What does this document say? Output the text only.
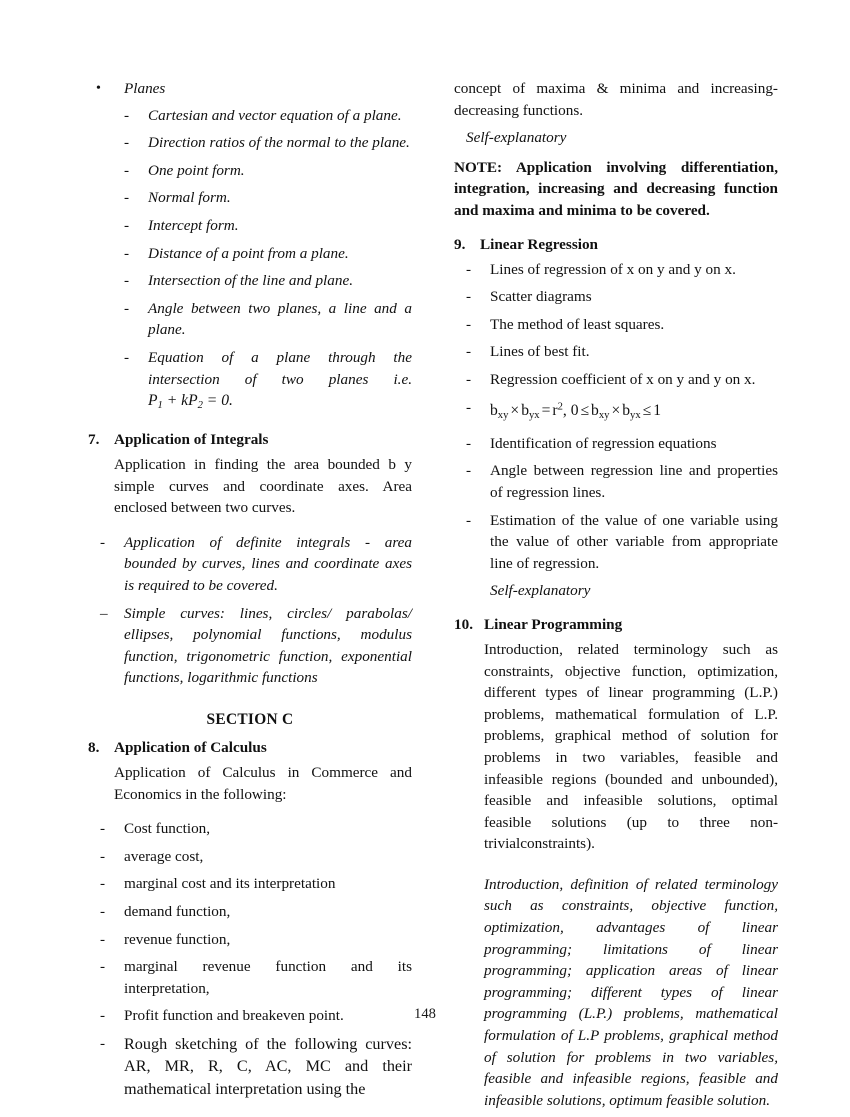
•	Planes
-	Cartesian and vector equation of a plane.
-	Direction ratios of the normal to the plane.
-	One point form.
-	Normal form.
-	Intercept form.
-	Distance of a point from a plane.
-	Intersection of the line and plane.
-	Angle between two planes, a line and a plane.
-	Equation of a plane through the intersection of two planes i.e. $P_1 + kP_2 = 0$.
7. Application of Integrals

Application in finding the area bounded b y simple curves and coordinate axes. Area enclosed between two curves.

-	Application of definite integrals - area bounded by curves, lines and coordinate axes is required to be covered.
–	Simple curves: lines, circles/ parabolas/ ellipses, polynomial functions, modulus function, trigonometric function, exponential functions, logarithmic functions
SECTION C
8. Application of Calculus

Application of Calculus in Commerce and Economics in the following:

-	Cost function,
-	average cost,
-	marginal cost and its interpretation
-	demand function,
-	revenue function,
-	marginal revenue function and its interpretation,
-	Profit function and breakeven point.
-	Rough sketching of the following curves: AR, MR, R, C, AC, MC and their mathematical interpretation using the

concept of maxima & minima and increasing- decreasing functions.

Self-explanatory

NOTE: Application involving differentiation, integration, increasing and decreasing function and maxima and minima to be covered.

9. Linear Regression
-	Lines of regression of x on y and y on x.
-	Scatter diagrams
-	The method of least squares.
-	Lines of best fit.
-	Regression coefficient of x on y and y on x.
-	$b_{xy} \times b_{yx} = r^2$, $0 \le b_{xy} \times b_{yx} \le 1$
-	Identification of regression equations
-	Angle between regression line and properties of regression lines.
-	Estimation of the value of one variable using the value of other variable from appropriate line of regression.
Self-explanatory
10. Linear Programming

Introduction, related terminology such as constraints, objective function, optimization, different types of linear programming (L.P.) problems, mathematical formulation of L.P. problems, graphical method of solution for problems in two variables, feasible and infeasible regions (bounded and unbounded), feasible and infeasible solutions, optimal feasible solutions (up to three non-trivialconstraints).

Introduction, definition of related terminology such as constraints, objective function, optimization, advantages of linear programming; limitations of linear programming; application areas of linear programming; different types of linear programming (L.P.) problems, mathematical formulation of L.P problems, graphical method of solution for problems in two variables, feasible and infeasible regions, feasible and infeasible solutions, optimum feasible solution.

148
